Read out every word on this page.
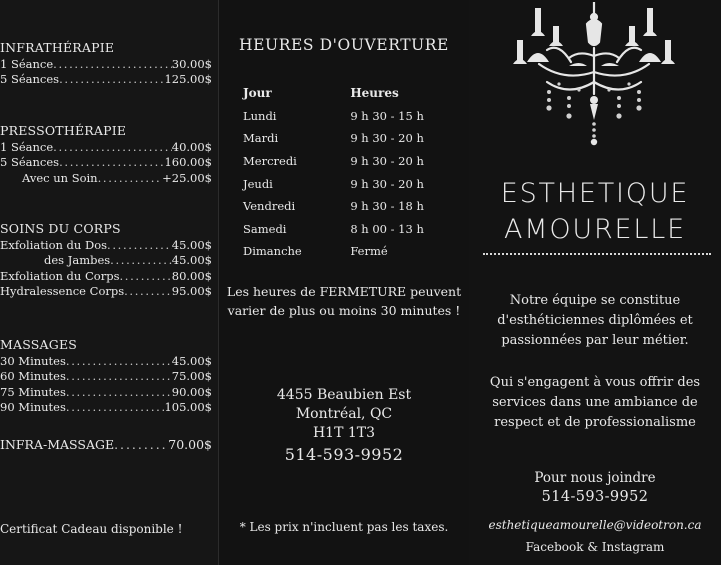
INFRATHÉRAPIE
1 Séance . . .	30.00$
5 Séances . . .	125.00$
PRESSOTHÉRAPIE
1 Séance . . .	40.00$
5 Séances . . .	160.00$
Avec un Soin . . .	+25.00$
SOINS DU CORPS
Exfoliation du Dos . . .	45.00$
des Jambes . . .	45.00$
Exfoliation du Corps . . .	80.00$
Hydralessence Corps . . .	95.00$
MASSAGES
30 Minutes . . .	45.00$
60 Minutes . . .	75.00$
75 Minutes . . .	90.00$
90 Minutes . . .	105.00$
INFRA-MASSAGE . . .	70.00$
Certificat Cadeau disponible !
HEURES D'OUVERTURE
Jour	Heures
Lundi	9 h 30 - 15 h
Mardi	9 h 30 - 20 h
Mercredi	9 h 30 - 20 h
Jeudi	9 h 30 - 20 h
Vendredi	9 h 30 - 18 h
Samedi	8 h 00 - 13 h
Dimanche	Fermé
Les heures de FERMETURE peuvent varier de plus ou moins 30 minutes !
4455 Beaubien Est
Montréal, QC
H1T 1T3
514-593-9952
* Les prix n'incluent pas les taxes.
ESTHETIQUE
AMOURELLE
Notre équipe se constitue d'esthéticiennes diplômées et passionnées par leur métier.
Qui s'engagent à vous offrir des services dans une ambiance de respect et de professionalisme
Pour nous joindre
514-593-9952
esthetiqueamourelle@videotron.ca
Facebook & Instagram
